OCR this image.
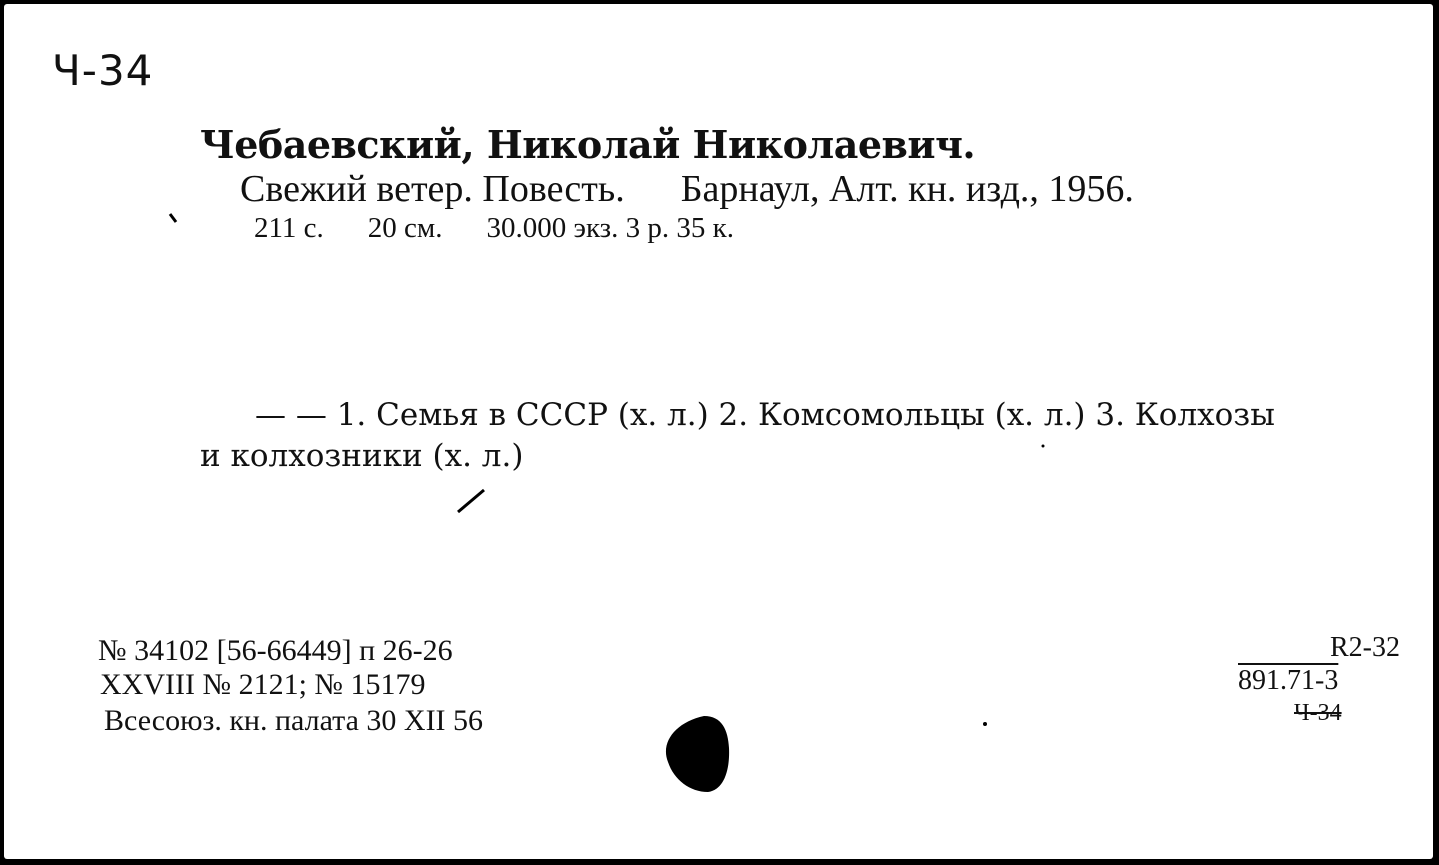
Ч-34
Чебаевский, Николай Николаевич.
Свежий ветер. Повесть. Барнаул, Алт. кн. изд., 1956.
211 с. 20 см. 30.000 экз. 3 р. 35 к.
— — 1. Семья в СССР (х. л.) 2. Комсомольцы (х. л.) 3. Колхозы
и колхозники (х. л.)
№ 34102 [56-66449] п 26-26
XXVIII № 2121; № 15179
Всесоюз. кн. палата 30 XII 56
R2-32
891.71-3
Ч-34
